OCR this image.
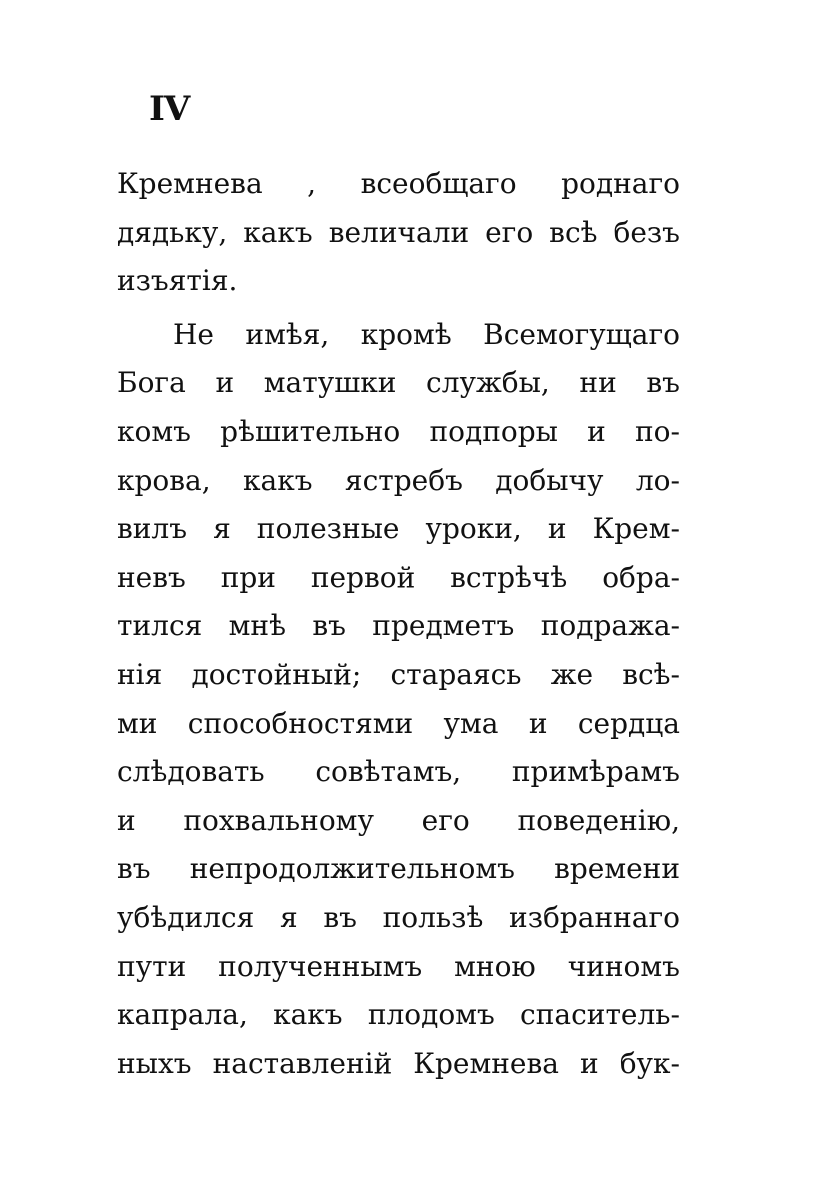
IV
Кремнева , всеобщаго роднаго
дядьку, какъ величали его всѣ безъ
изъятія.
Не имѣя, кромѣ Всемогущаго
Бога и матушки службы, ни въ
комъ рѣшительно подпоры и по-
крова, какъ ястребъ добычу ло-
вилъ я полезные уроки, и Крем-
невъ при первой встрѣчѣ обра-
тился мнѣ въ предметъ подража-
нія достойный; стараясь же всѣ-
ми способностями ума и сердца
слѣдовать совѣтамъ, примѣрамъ
и похвальному его поведенію,
въ непродолжительномъ времени
убѣдился я въ пользѣ избраннаго
пути полученнымъ мною чиномъ
капрала, какъ плодомъ спаситель-
ныхъ наставленій Кремнева и бук-
